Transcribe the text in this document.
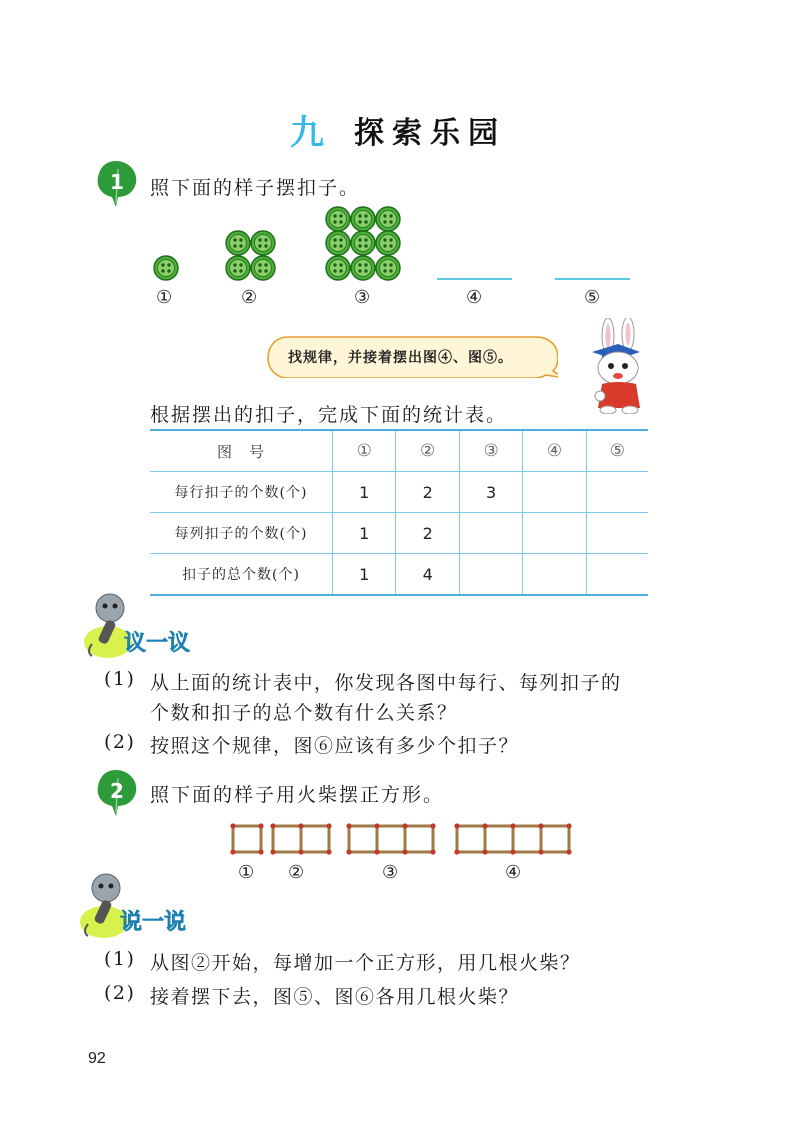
九 探索乐园
1 照下面的样子摆扣子。
①	②	③	④	⑤
找规律，并接着摆出图④、图⑤。
根据摆出的扣子，完成下面的统计表。
图　号	①	②	③	④	⑤
每行扣子的个数(个)	1	2	3		
每列扣子的个数(个)	1	2			
扣子的总个数(个)	1	4			
议一议
(1) 从上面的统计表中，你发现各图中每行、每列扣子的
个数和扣子的总个数有什么关系？
(2) 按照这个规律，图⑥应该有多少个扣子？
2 照下面的样子用火柴摆正方形。
① ②	③	④
说一说
(1) 从图②开始，每增加一个正方形，用几根火柴？
(2) 接着摆下去，图⑤、图⑥各用几根火柴？
92
